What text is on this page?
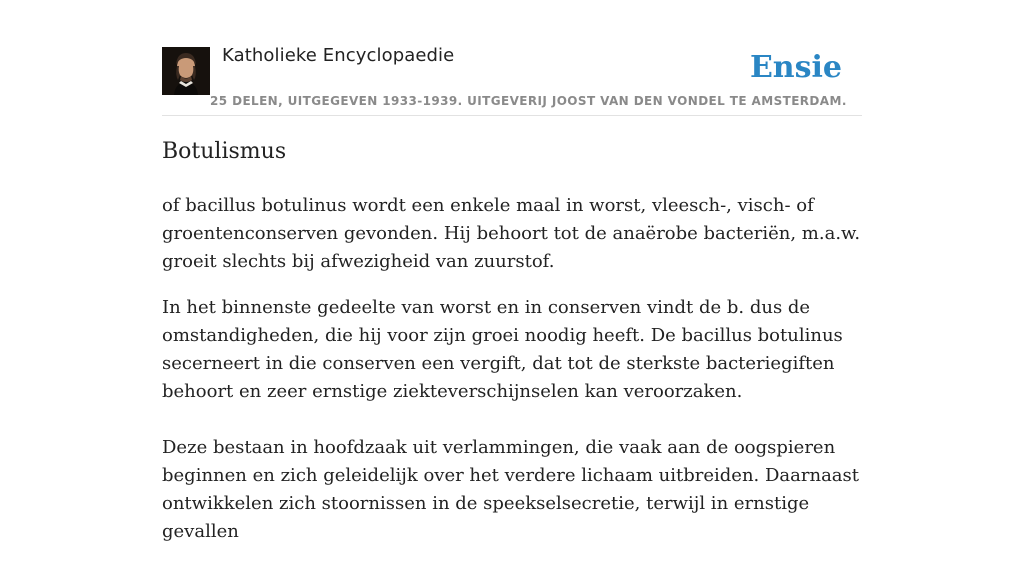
Katholieke Encyclopaedie	Ensie
25 DELEN, UITGEGEVEN 1933-1939. UITGEVERIJ JOOST VAN DEN VONDEL TE AMSTERDAM.
Botulismus

of bacillus botulinus wordt een enkele maal in worst, vleesch-, visch- of groentenconserven gevonden. Hij behoort tot de anaërobe bacteriën, m.a.w. groeit slechts bij afwezigheid van zuurstof.

In het binnenste gedeelte van worst en in conserven vindt de b. dus de omstandigheden, die hij voor zijn groei noodig heeft. De bacillus botulinus secerneert in die conserven een vergift, dat tot de sterkste bacteriegiften behoort en zeer ernstige ziekteverschijnselen kan veroorzaken.

Deze bestaan in hoofdzaak uit verlammingen, die vaak aan de oogspieren beginnen en zich geleidelijk over het verdere lichaam uitbreiden. Daarnaast ontwikkelen zich stoornissen in de speekselsecretie, terwijl in ernstige gevallen
